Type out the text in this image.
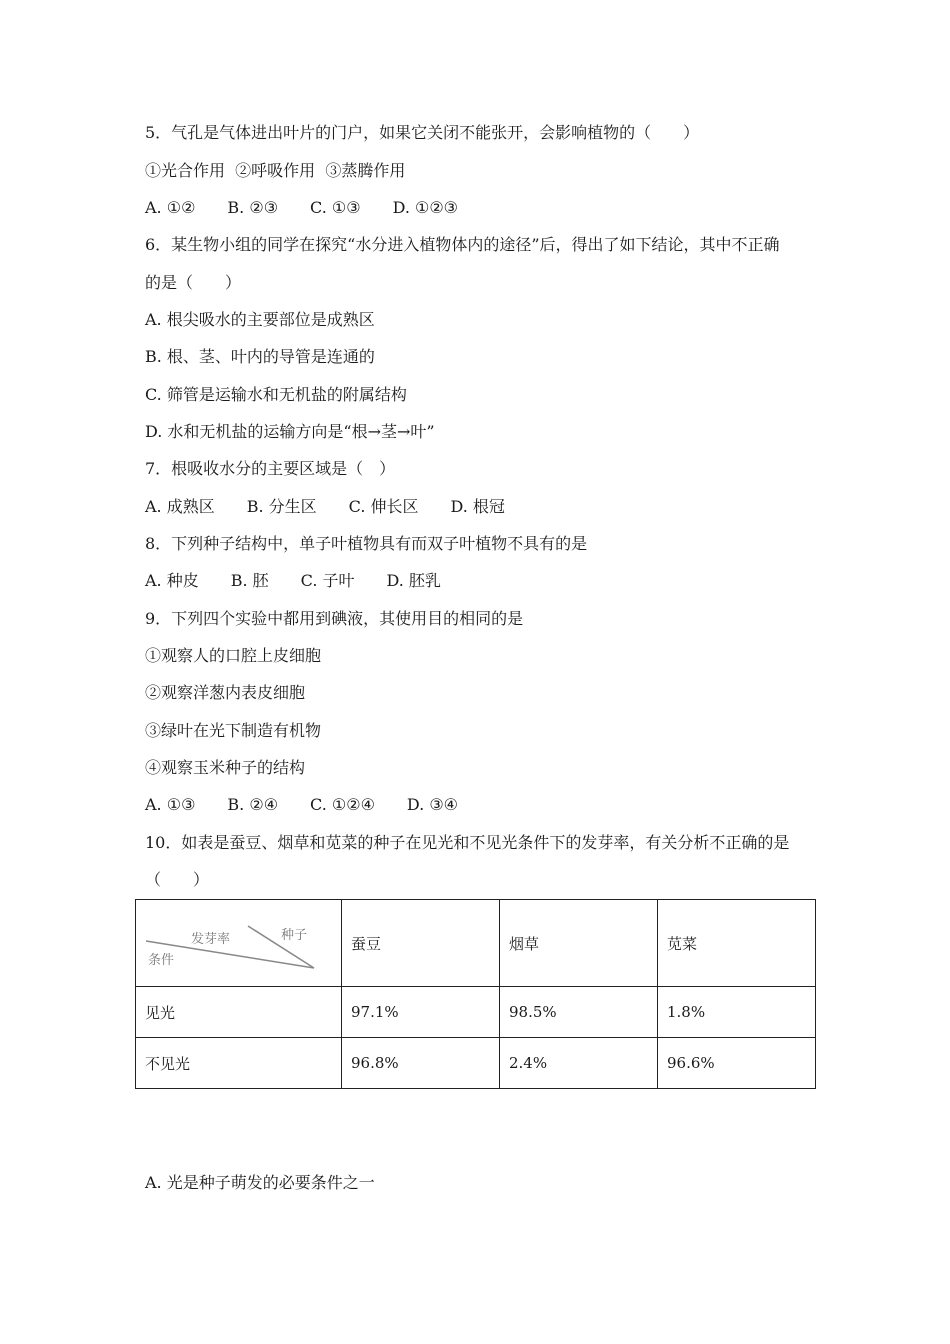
5．气孔是气体进出叶片的门户，如果它关闭不能张开，会影响植物的（　　）
①光合作用  ②呼吸作用  ③蒸腾作用
A. ①②　　B. ②③　　C. ①③　　D. ①②③
6．某生物小组的同学在探究“水分进入植物体内的途径”后，得出了如下结论，其中不正确
的是（　　）
A. 根尖吸水的主要部位是成熟区
B. 根、茎、叶内的导管是连通的
C. 筛管是运输水和无机盐的附属结构
D. 水和无机盐的运输方向是“根→茎→叶”
7．根吸收水分的主要区域是（　）
A. 成熟区　　B. 分生区　　C. 伸长区　　D. 根冠
8．下列种子结构中，单子叶植物具有而双子叶植物不具有的是
A. 种皮　　B. 胚　　C. 子叶　　D. 胚乳
9．下列四个实验中都用到碘液，其使用目的相同的是
①观察人的口腔上皮细胞
②观察洋葱内表皮细胞
③绿叶在光下制造有机物
④观察玉米种子的结构
A. ①③　　B. ②④　　C. ①②④　　D. ③④
10．如表是蚕豆、烟草和苋菜的种子在见光和不见光条件下的发芽率，有关分析不正确的是
（　　）
种子
发芽率
条件	蚕豆	烟草	苋菜
见光	97.1%	98.5%	1.8%
不见光	96.8%	2.4%	96.6%
A. 光是种子萌发的必要条件之一
